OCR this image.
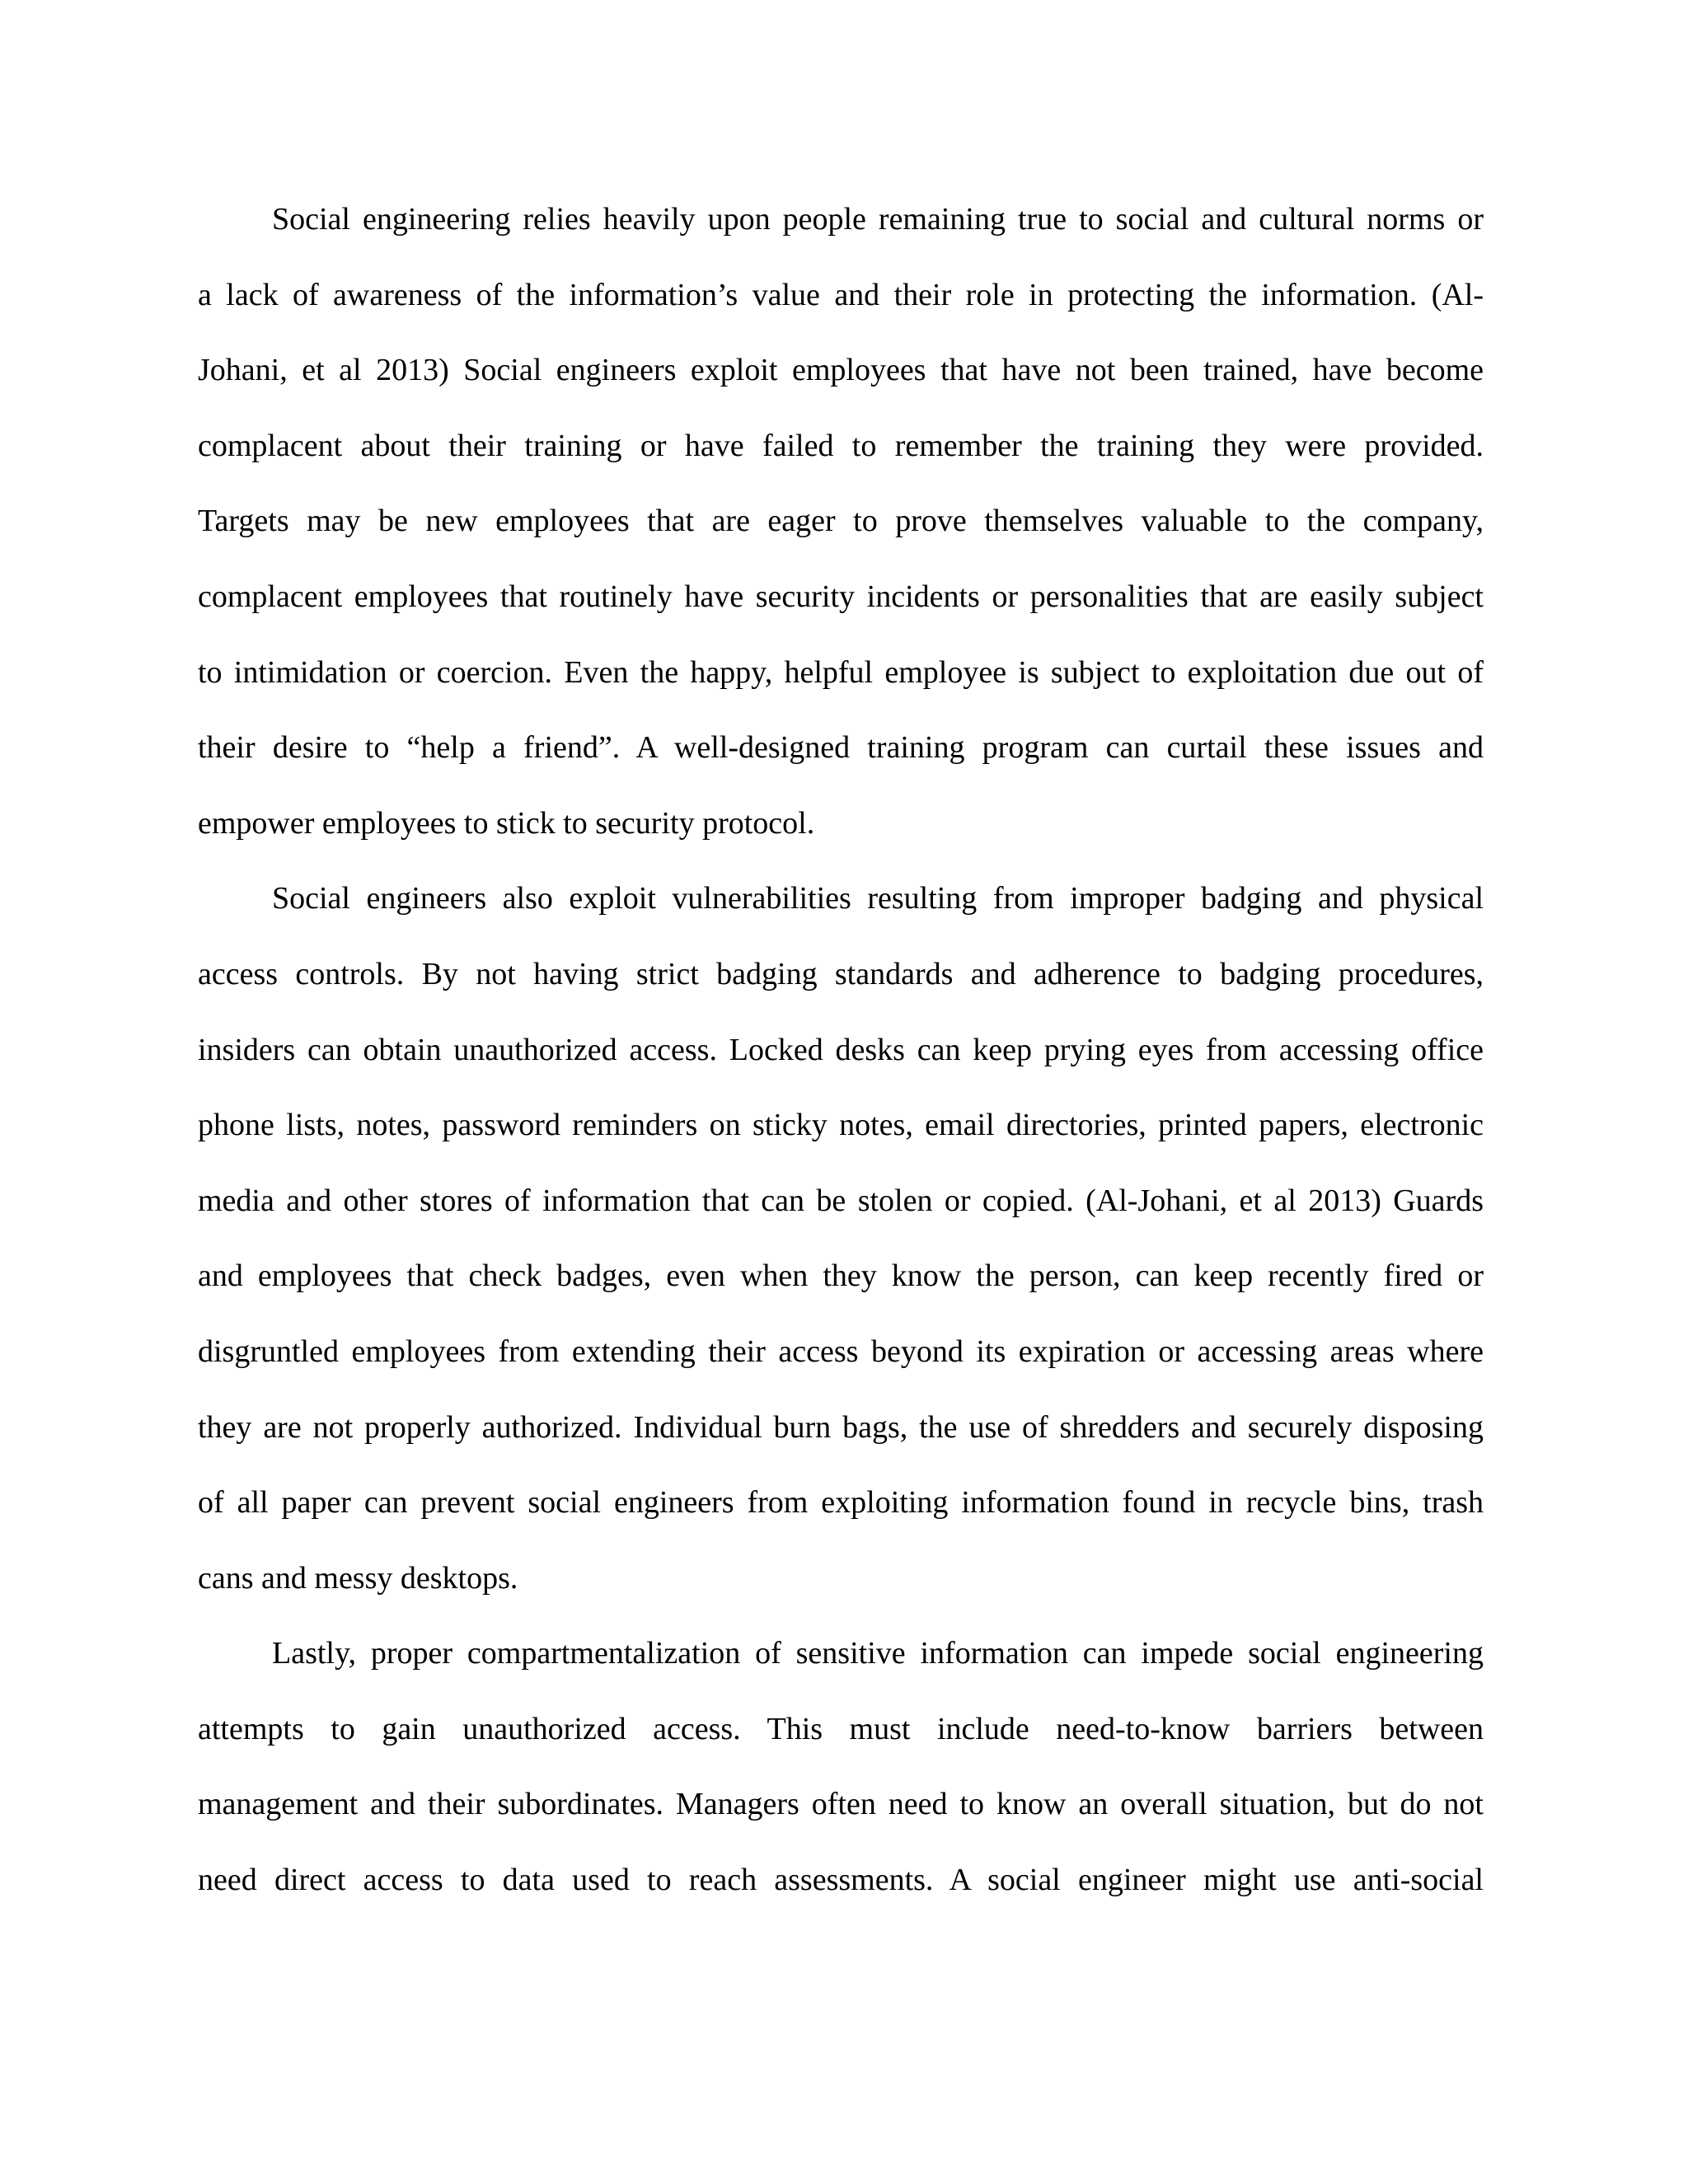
Social engineering relies heavily upon people remaining true to social and cultural norms or
a lack of awareness of the information’s value and their role in protecting the information. (Al-
Johani, et al 2013) Social engineers exploit employees that have not been trained, have become
complacent about their training or have failed to remember the training they were provided.
Targets may be new employees that are eager to prove themselves valuable to the company,
complacent employees that routinely have security incidents or personalities that are easily subject
to intimidation or coercion. Even the happy, helpful employee is subject to exploitation due out of
their desire to “help a friend”. A well-designed training program can curtail these issues and
empower employees to stick to security protocol.
Social engineers also exploit vulnerabilities resulting from improper badging and physical
access controls. By not having strict badging standards and adherence to badging procedures,
insiders can obtain unauthorized access. Locked desks can keep prying eyes from accessing office
phone lists, notes, password reminders on sticky notes, email directories, printed papers, electronic
media and other stores of information that can be stolen or copied. (Al-Johani, et al 2013) Guards
and employees that check badges, even when they know the person, can keep recently fired or
disgruntled employees from extending their access beyond its expiration or accessing areas where
they are not properly authorized. Individual burn bags, the use of shredders and securely disposing
of all paper can prevent social engineers from exploiting information found in recycle bins, trash
cans and messy desktops.
Lastly, proper compartmentalization of sensitive information can impede social engineering
attempts to gain unauthorized access. This must include need-to-know barriers between
management and their subordinates. Managers often need to know an overall situation, but do not
need direct access to data used to reach assessments. A social engineer might use anti-social
